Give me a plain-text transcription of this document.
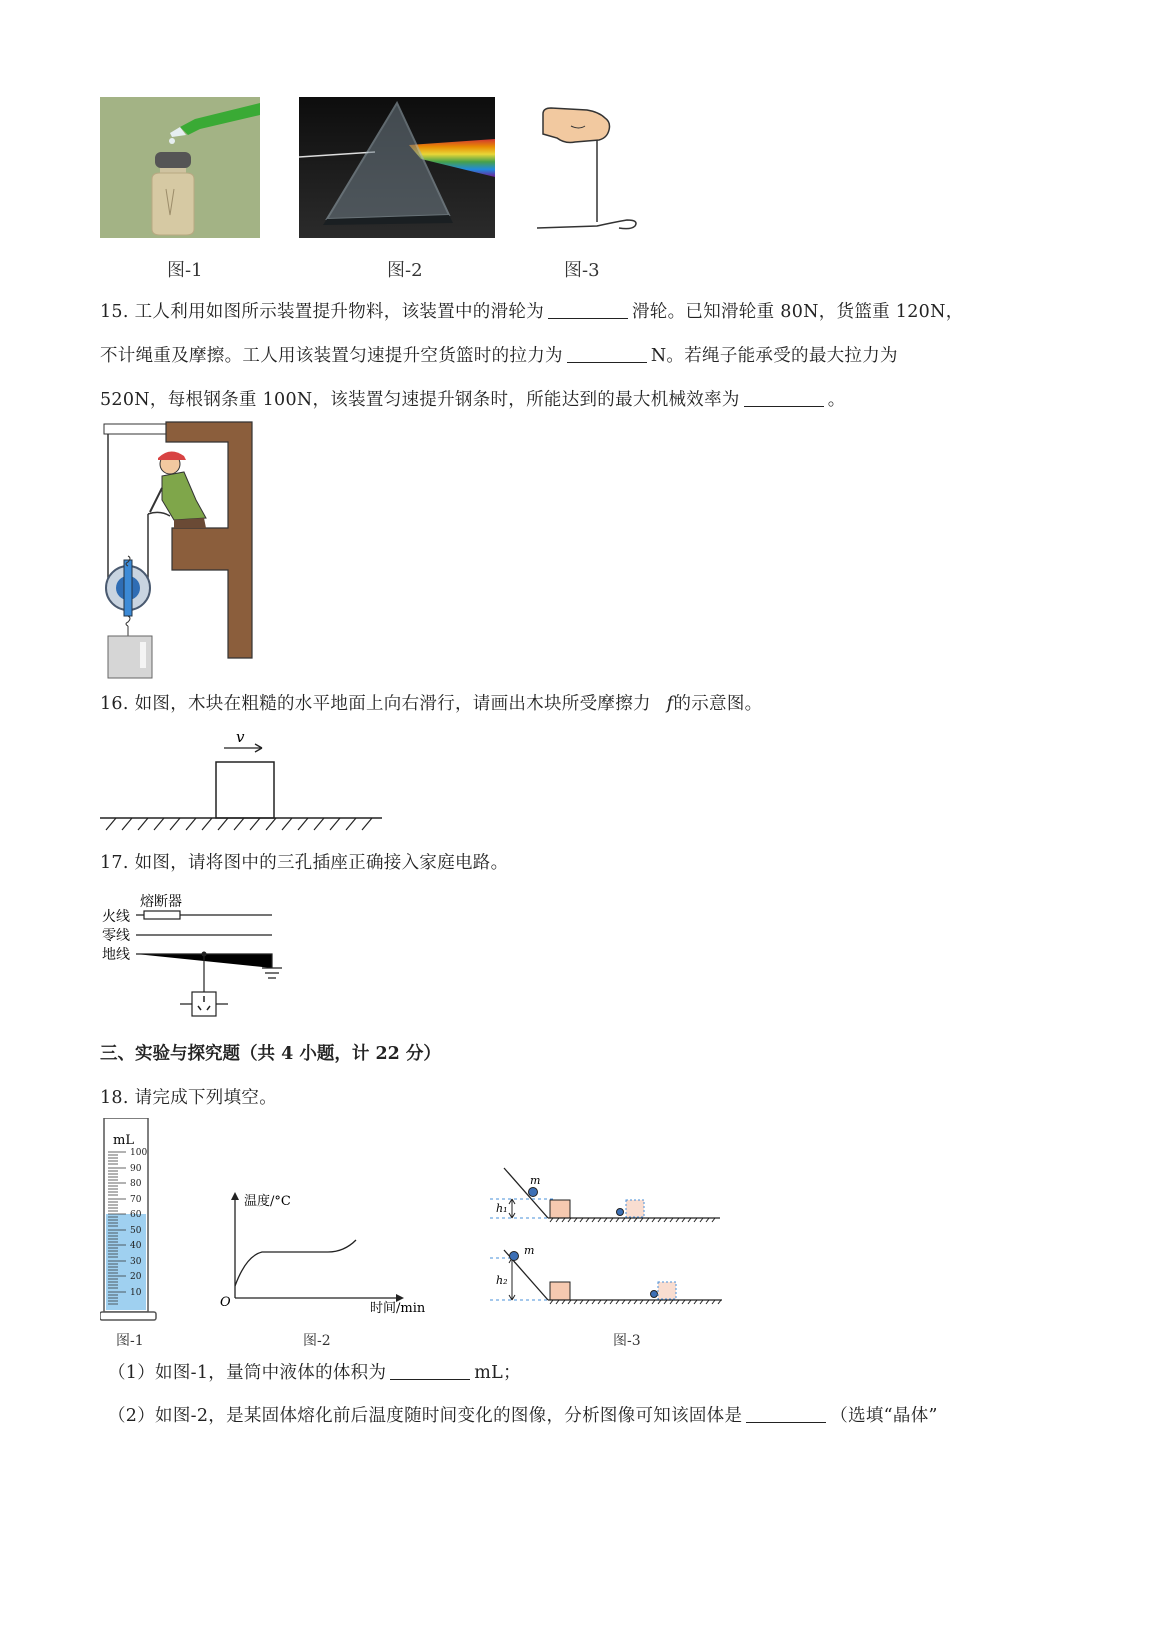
图-1	图-2	图-3
15. 工人利用如图所示装置提升物料，该装置中的滑轮为	滑轮。已知滑轮重 80N，货篮重 120N，
不计绳重及摩擦。工人用该装置匀速提升空货篮时的拉力为	N。若绳子能承受的最大拉力为
520N，每根钢条重 100N，该装置匀速提升钢条时，所能达到的最大机械效率为	。
16. 如图，木块在粗糙的水平地面上向右滑行，请画出木块所受摩擦力 f的示意图。
v
17. 如图，请将图中的三孔插座正确接入家庭电路。
熔断器
火线
零线
地线
三、实验与探究题（共 4 小题，计 22 分）
18. 请完成下列填空。
mL
100
90
80
70
60
50
40
30
20
10
图-1
温度/°C
时间/min
O
图-2
h₁
m
h₂
m
图-3
（1）如图-1，量筒中液体的体积为	mL；
（2）如图-2，是某固体熔化前后温度随时间变化的图像，分析图像可知该固体是	（选填“晶体”
